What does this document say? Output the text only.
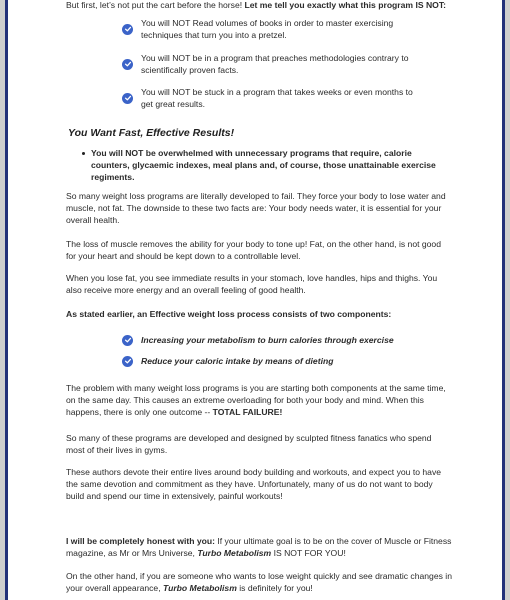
But first, let’s not put the cart before the horse! Let me tell you exactly what this program IS NOT:

You will NOT Read volumes of books in order to master exercising techniques that turn you into a pretzel.
You will NOT be in a program that preaches methodologies contrary to scientifically proven facts.
You will NOT be stuck in a program that takes weeks or even months to get great results.
You Want Fast, Effective Results!
You will NOT be overwhelmed with unnecessary programs that require, calorie counters, glycaemic indexes, meal plans and, of course, those unattainable exercise regiments.

So many weight loss programs are literally developed to fail. They force your body to lose water and muscle, not fat. The downside to these two facts are: Your body needs water, it is essential for your overall health.

The loss of muscle removes the ability for your body to tone up! Fat, on the other hand, is not good for your heart and should be kept down to a controllable level.

When you lose fat, you see immediate results in your stomach, love handles, hips and thighs. You also receive more energy and an overall feeling of good health.

As stated earlier, an Effective weight loss process consists of two components:

Increasing your metabolism to burn calories through exercise
Reduce your caloric intake by means of dieting

The problem with many weight loss programs is you are starting both components at the same time, on the same day. This causes an extreme overloading for both your body and mind. When this happens, there is only one outcome -- TOTAL FAILURE!

So many of these programs are developed and designed by sculpted fitness fanatics who spend most of their lives in gyms.

These authors devote their entire lives around body building and workouts, and expect you to have the same devotion and commitment as they have. Unfortunately, many of us do not want to body build and spend our time in extensively, painful workouts!

I will be completely honest with you: If your ultimate goal is to be on the cover of Muscle or Fitness magazine, as Mr or Mrs Universe, Turbo Metabolism IS NOT FOR YOU!

On the other hand, if you are someone who wants to lose weight quickly and see dramatic changes in your overall appearance, Turbo Metabolism is definitely for you!
